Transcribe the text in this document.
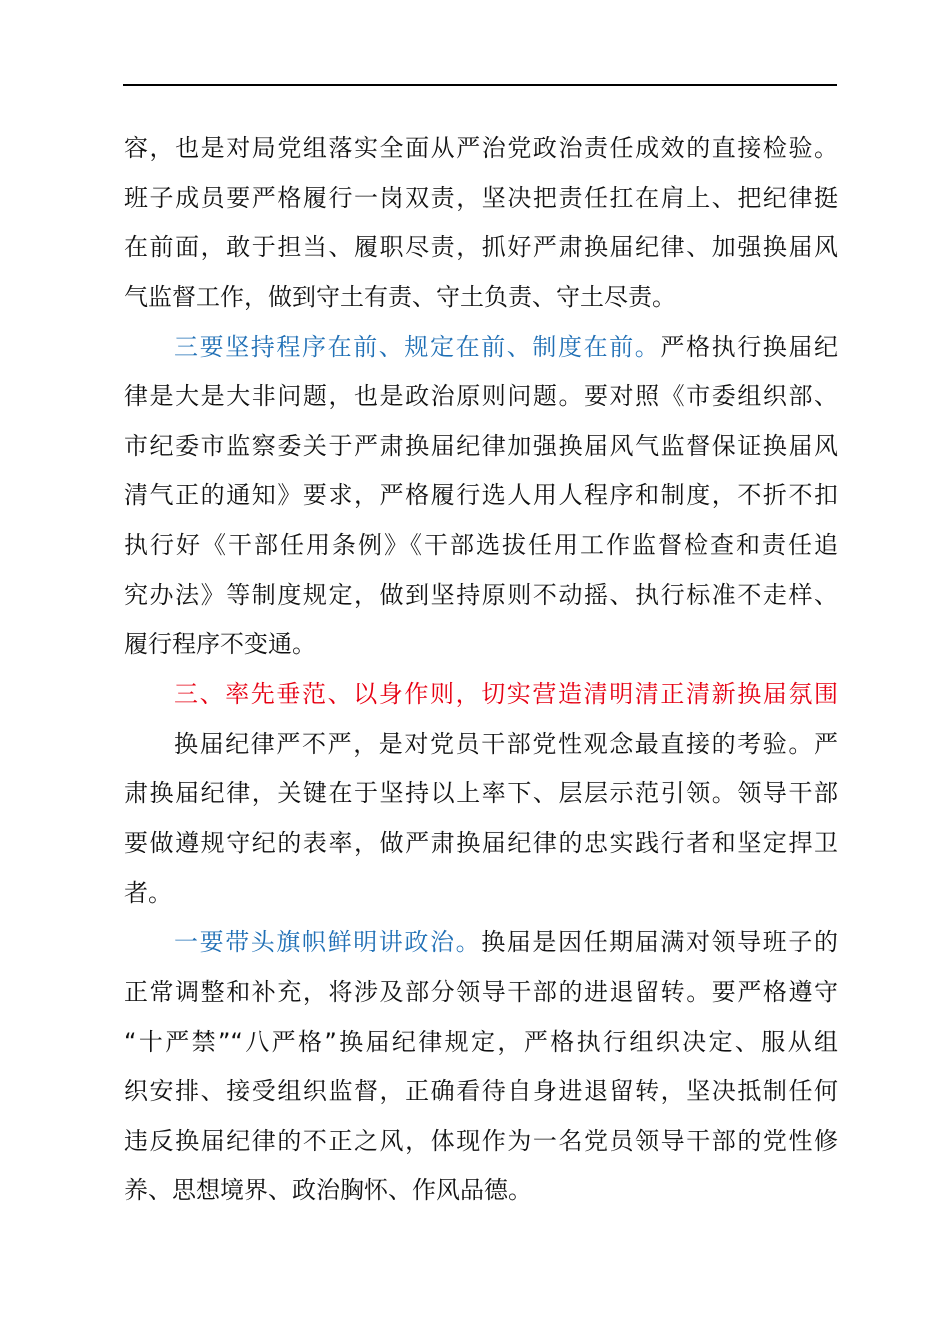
容，也是对局党组落实全面从严治党政治责任成效的直接检验。
班子成员要严格履行一岗双责，坚决把责任扛在肩上、把纪律挺
在前面，敢于担当、履职尽责，抓好严肃换届纪律、加强换届风
气监督工作，做到守土有责、守土负责、守土尽责。
三要坚持程序在前、规定在前、制度在前。严格执行换届纪
律是大是大非问题，也是政治原则问题。要对照《市委组织部、
市纪委市监察委关于严肃换届纪律加强换届风气监督保证换届风
清气正的通知》要求，严格履行选人用人程序和制度，不折不扣
执行好《干部任用条例》《干部选拔任用工作监督检查和责任追
究办法》等制度规定，做到坚持原则不动摇、执行标准不走样、
履行程序不变通。
三、率先垂范、以身作则，切实营造清明清正清新换届氛围
换届纪律严不严，是对党员干部党性观念最直接的考验。严
肃换届纪律，关键在于坚持以上率下、层层示范引领。领导干部
要做遵规守纪的表率，做严肃换届纪律的忠实践行者和坚定捍卫
者。
一要带头旗帜鲜明讲政治。换届是因任期届满对领导班子的
正常调整和补充，将涉及部分领导干部的进退留转。要严格遵守
“十严禁”“八严格”换届纪律规定，严格执行组织决定、服从组
织安排、接受组织监督，正确看待自身进退留转，坚决抵制任何
违反换届纪律的不正之风，体现作为一名党员领导干部的党性修
养、思想境界、政治胸怀、作风品德。
